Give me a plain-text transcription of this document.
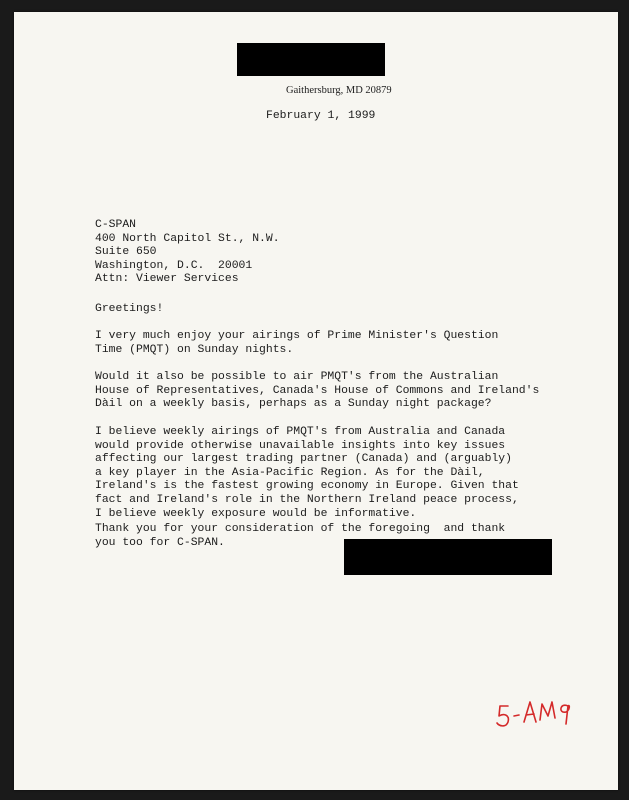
Gaithersburg, MD 20879
February 1, 1999
C-SPAN
400 North Capitol St., N.W.
Suite 650
Washington, D.C.  20001
Attn: Viewer Services
Greetings!
I very much enjoy your airings of Prime Minister's Question
Time (PMQT) on Sunday nights.
Would it also be possible to air PMQT's from the Australian
House of Representatives, Canada's House of Commons and Ireland's
Dàil on a weekly basis, perhaps as a Sunday night package?
I believe weekly airings of PMQT's from Australia and Canada
would provide otherwise unavailable insights into key issues
affecting our largest trading partner (Canada) and (arguably)
a key player in the Asia-Pacific Region. As for the Dàil,
Ireland's is the fastest growing economy in Europe. Given that
fact and Ireland's role in the Northern Ireland peace process,
I believe weekly exposure would be informative.
Thank you for your consideration of the foregoing  and thank
you too for C-SPAN.
